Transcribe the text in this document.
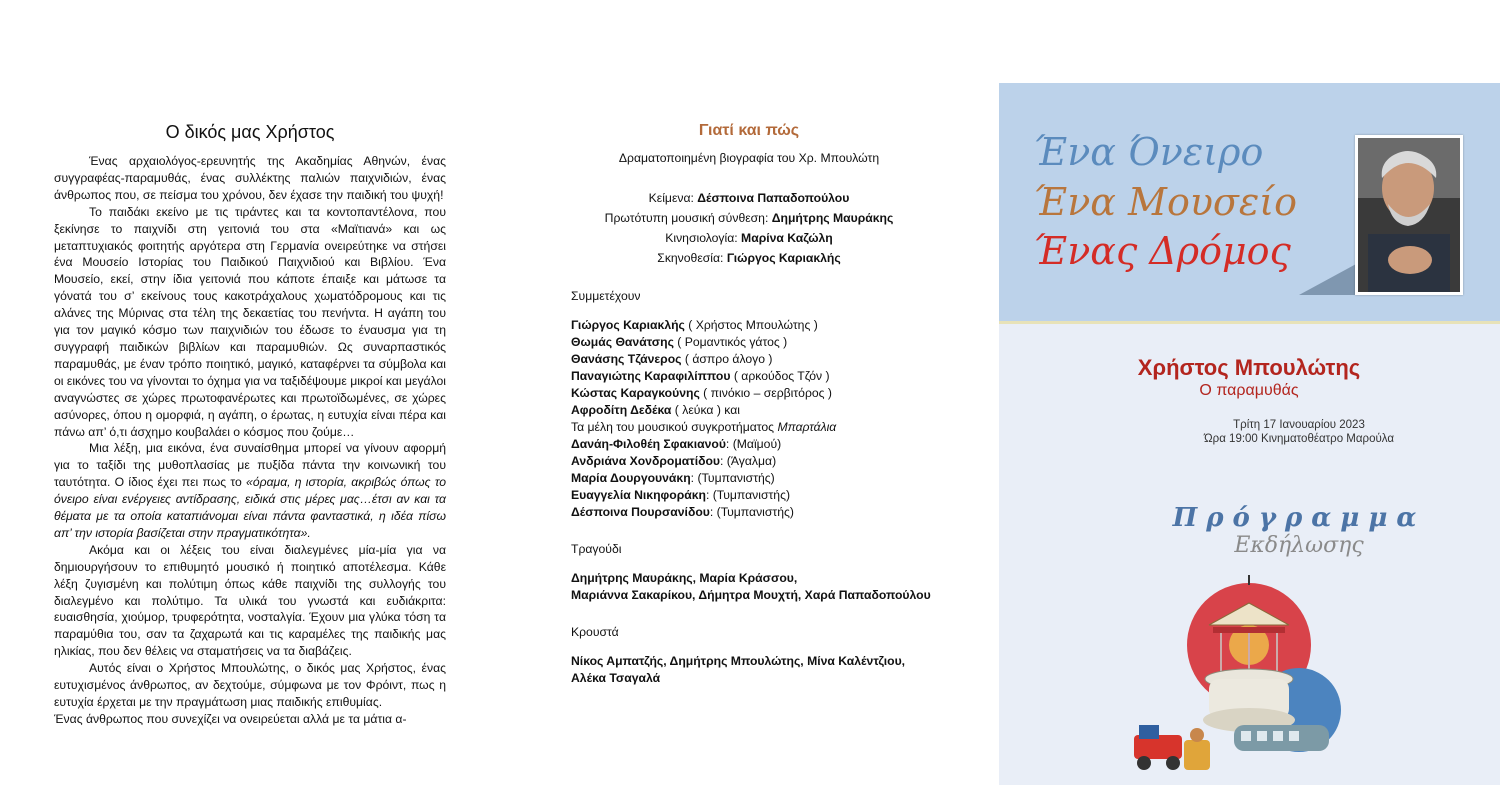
Ο δικός μας Χρήστος

Ένας αρχαιολόγος-ερευνητής της Ακαδημίας Αθηνών, ένας συγγραφέας-παραμυθάς, ένας συλλέκτης παλιών παιχνιδιών, ένας άνθρωπος που, σε πείσμα του χρόνου, δεν έχασε την παιδική του ψυχή!

Το παιδάκι εκείνο με τις τιράντες και τα κοντοπαντέλονα, που ξεκίνησε το παιχνίδι στη γειτονιά του στα «Μαϊτιανά» και ως μεταπτυχιακός φοιτητής αργότερα στη Γερμανία ονειρεύτηκε να στήσει ένα Μουσείο Ιστορίας του Παιδικού Παιχνιδιού και Βιβλίου. Ένα Μουσείο, εκεί, στην ίδια γειτονιά που κάποτε έπαιξε και μάτωσε τα γόνατά του σ’ εκείνους τους κακοτράχαλους χωματόδρομους και τις αλάνες της Μύρινας στα τέλη της δεκαετίας του πενήντα. Η αγάπη του για τον μαγικό κόσμο των παιχνιδιών του έδωσε το έναυσμα για τη συγγραφή παιδικών βιβλίων και παραμυθιών. Ως συναρπαστικός παραμυθάς, με έναν τρόπο ποιητικό, μαγικό, καταφέρνει τα σύμβολα και οι εικόνες του να γίνονται το όχημα για να ταξιδέψουμε μικροί και μεγάλοι αναγνώστες σε χώρες πρωτοφανέρωτες και πρωτοϊδωμένες, σε χώρες ασύνορες, όπου η ομορφιά, η αγάπη, ο έρωτας, η ευτυχία είναι πέρα και πάνω απ’ ό,τι άσχημο κουβαλάει ο κόσμος που ζούμε…

Μια λέξη, μια εικόνα, ένα συναίσθημα μπορεί να γίνουν αφορμή για το ταξίδι της μυθοπλασίας με πυξίδα πάντα την κοινωνική του ταυτότητα. Ο ίδιος έχει πει πως το «όραμα, η ιστορία, ακριβώς όπως το όνειρο είναι ενέργειες αντίδρασης, ειδικά στις μέρες μας…έτσι αν και τα θέματα με τα οποία καταπιάνομαι είναι πάντα φανταστικά, η ιδέα πίσω απ’ την ιστορία βασίζεται στην πραγματικότητα».

Ακόμα και οι λέξεις του είναι διαλεγμένες μία-μία για να δημιουργήσουν το επιθυμητό μουσικό ή ποιητικό αποτέλεσμα. Κάθε λέξη ζυγισμένη και πολύτιμη όπως κάθε παιχνίδι της συλλογής του διαλεγμένο και πολύτιμο. Τα υλικά του γνωστά και ευδιάκριτα: ευαισθησία, χιούμορ, τρυφερότητα, νοσταλγία. Έχουν μια γλύκα τόση τα παραμύθια του, σαν τα ζαχαρωτά και τις καραμέλες της παιδικής μας ηλικίας, που δεν θέλεις να σταματήσεις να τα διαβάζεις.

Αυτός είναι ο Χρήστος Μπουλώτης, ο δικός μας Χρήστος, ένας ευτυχισμένος άνθρωπος, αν δεχτούμε, σύμφωνα με τον Φρόιντ, πως η ευτυχία έρχεται με την πραγμάτωση μιας παιδικής επιθυμίας.

Ένας άνθρωπος που συνεχίζει να ονειρεύεται αλλά με τα μάτια α-

Γιατί και πώς
Δραματοποιημένη βιογραφία του Χρ. Μπουλώτη
Κείμενα: Δέσποινα Παπαδοπούλου
Πρωτότυπη μουσική σύνθεση: Δημήτρης Μαυράκης
Κινησιολογία: Μαρίνα Καζώλη
Σκηνοθεσία: Γιώργος Καριακλής
Συμμετέχουν
Γιώργος Καριακλής ( Χρήστος Μπουλώτης )
Θωμάς Θανάτσης ( Ρομαντικός γάτος )
Θανάσης Τζάνερος ( άσπρο άλογο )
Παναγιώτης Καραφιλίππου ( αρκούδος Τζόν )
Κώστας Καραγκούνης ( πινόκιο – σερβιτόρος )
Αφροδίτη Δεδέκα ( λεύκα ) και
Τα μέλη του μουσικού συγκροτήματος Μπαρτάλια
Δανάη-Φιλοθέη Σφακιανού: (Μαϊμού)
Ανδριάνα Χονδροματίδου: (Άγαλμα)
Μαρία Δουργουνάκη: (Τυμπανιστής)
Ευαγγελία Νικηφοράκη: (Τυμπανιστής)
Δέσποινα Πουρσανίδου: (Τυμπανιστής)
Τραγούδι
Δημήτρης Μαυράκης, Μαρία Κράσσου,
Μαριάννα Σακαρίκου, Δήμητρα Μουχτή, Χαρά Παπαδοπούλου
Κρουστά
Νίκος Αμπατζής, Δημήτρης Μπουλώτης, Μίνα Καλέντζιου,
Αλέκα Τσαγαλά
Ένα Όνειρο
Ένα Μουσείο
Ένας Δρόμος
Χρήστος Μπουλώτης
Ο παραμυθάς
Τρίτη 17 Ιανουαρίου 2023
Ώρα 19:00 Κινηματοθέατρο Μαρούλα
Πρόγραμμα
Εκδήλωσης
